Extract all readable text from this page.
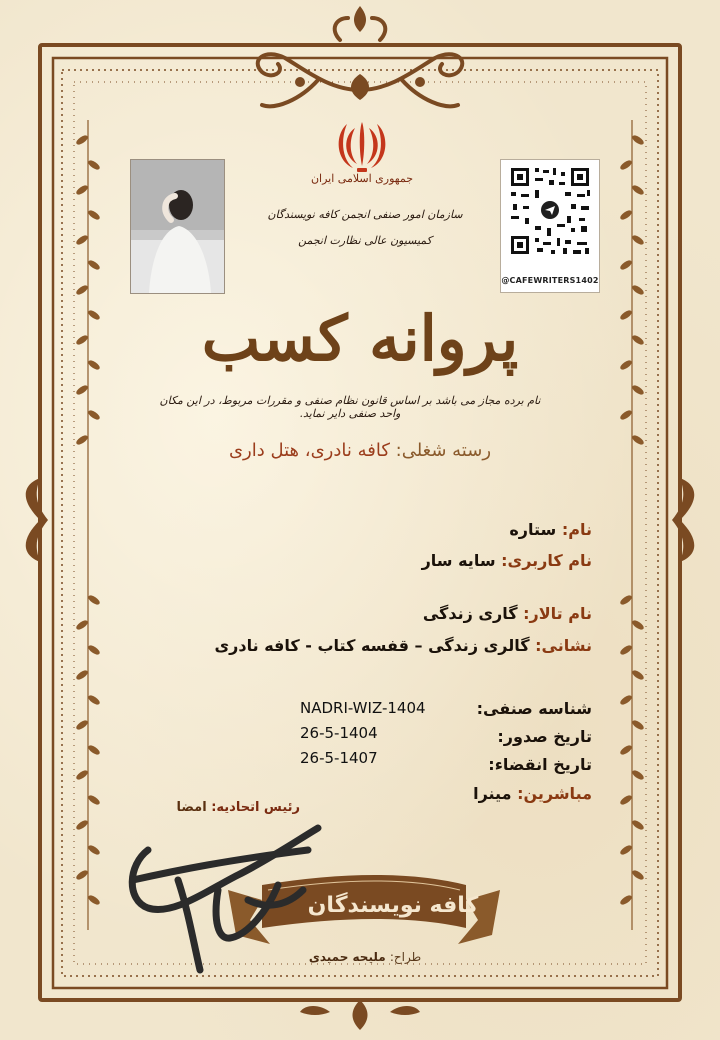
@CAFEWRITERS1402
جمهوری اسلامی ایران
سازمان امور صنفی انجمن کافه نویسندگان
کمیسیون عالی نظارت انجمن
پروانه کسب
نام برده مجاز می باشد بر اساس قانون نظام صنفی و مقررات مربوط، در این مکان واحد صنفی دایر نماید.
رسته شغلی: کافه نادری، هتل داری
نام: ستاره
نام کاربری: سایه‌ سار
نام تالار: گاری زندگی
نشانی: گالری زندگی – قفسه کتاب - کافه نادری
شناسه صنفی:
NADRI-WIZ-1404
تاریخ صدور:
26-5-1404
تاریخ انقضاء:
26-5-1407
مباشرین: مینرا
رئیس اتحادیه: امضا
کافه نویسندگان
طراح: ملیحه حمیدی
